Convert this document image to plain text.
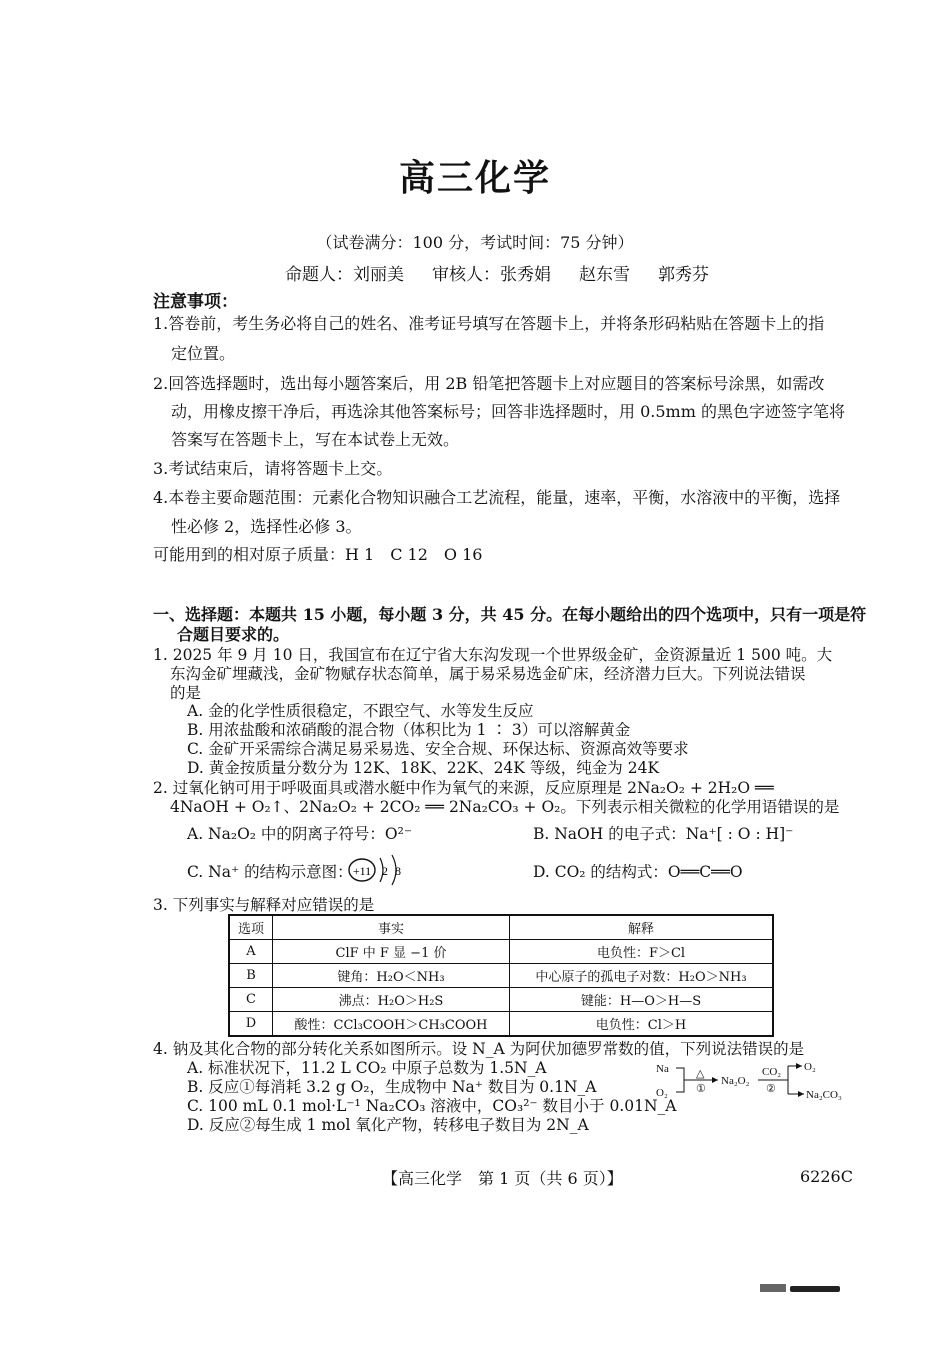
高三化学
（试卷满分：100 分，考试时间：75 分钟）
命题人：刘丽美 审核人：张秀娟 赵东雪 郭秀芬
注意事项：
1.答卷前，考生务必将自己的姓名、准考证号填写在答题卡上，并将条形码粘贴在答题卡上的指
定位置。
2.回答选择题时，选出每小题答案后，用 2B 铅笔把答题卡上对应题目的答案标号涂黑，如需改
动，用橡皮擦干净后，再选涂其他答案标号；回答非选择题时，用 0.5mm 的黑色字迹签字笔将
答案写在答题卡上，写在本试卷上无效。
3.考试结束后，请将答题卡上交。
4.本卷主要命题范围：元素化合物知识融合工艺流程，能量，速率，平衡，水溶液中的平衡，选择
性必修 2，选择性必修 3。
可能用到的相对原子质量：H 1　C 12　O 16
一、选择题：本题共 15 小题，每小题 3 分，共 45 分。在每小题给出的四个选项中，只有一项是符
合题目要求的。
1. 2025 年 9 月 10 日，我国宣布在辽宁省大东沟发现一个世界级金矿，金资源量近 1 500 吨。大
东沟金矿埋藏浅，金矿物赋存状态简单，属于易采易选金矿床，经济潜力巨大。下列说法错误
的是
A. 金的化学性质很稳定，不跟空气、水等发生反应
B. 用浓盐酸和浓硝酸的混合物（体积比为 1 ∶ 3）可以溶解黄金
C. 金矿开采需综合满足易采易选、安全合规、环保达标、资源高效等要求
D. 黄金按质量分数分为 12K、18K、22K、24K 等级，纯金为 24K
2. 过氧化钠可用于呼吸面具或潜水艇中作为氧气的来源，反应原理是 2Na₂O₂ + 2H₂O ══
4NaOH + O₂↑、2Na₂O₂ + 2CO₂ ══ 2Na₂CO₃ + O₂。下列表示相关微粒的化学用语错误的是
A. Na₂O₂ 中的阴离子符号：O²⁻	B. NaOH 的电子式：Na⁺[ : O : H]⁻
C. Na⁺ 的结构示意图： +11 2 8	D. CO₂ 的结构式：O══C══O
3. 下列事实与解释对应错误的是
选项	事实	解释
A	ClF 中 F 显 −1 价	电负性：F＞Cl
B	键角：H₂O＜NH₃	中心原子的孤电子对数：H₂O＞NH₃
C	沸点：H₂O＞H₂S	键能：H—O＞H—S
D	酸性：CCl₃COOH＞CH₃COOH	电负性：Cl＞H
4. 钠及其化合物的部分转化关系如图所示。设 N_A 为阿伏加德罗常数的值，下列说法错误的是
A. 标准状况下，11.2 L CO₂ 中原子总数为 1.5N_A
B. 反应①每消耗 3.2 g O₂，生成物中 Na⁺ 数目为 0.1N_A
C. 100 mL 0.1 mol·L⁻¹ Na₂CO₃ 溶液中，CO₃²⁻ 数目小于 0.01N_A
D. 反应②每生成 1 mol 氧化产物，转移电子数目为 2N_A
Na
O₂
△
①
Na₂O₂
CO₂
②
O₂
Na₂CO₃
【高三化学　第 1 页（共 6 页）】	6226C
